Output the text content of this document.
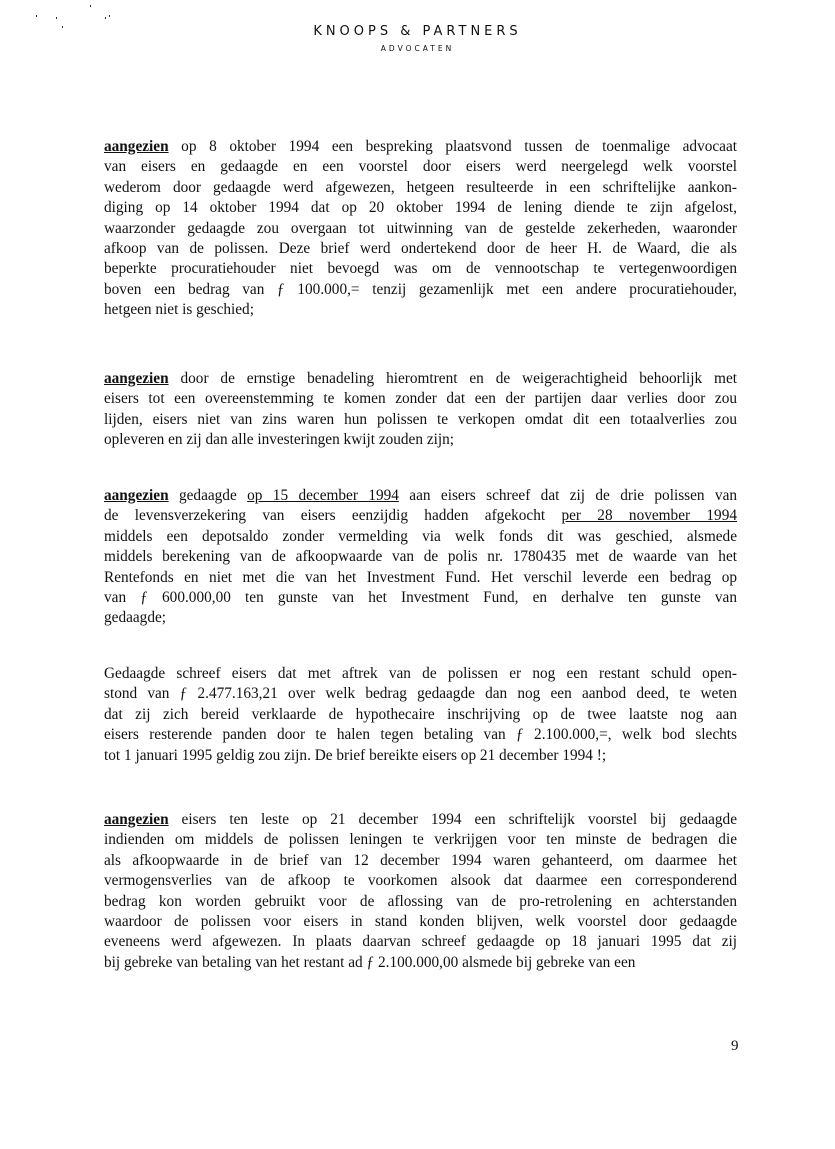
KNOOPS & PARTNERS
ADVOCATEN
aangezien op 8 oktober 1994 een bespreking plaatsvond tussen de toenmalige advocaat
van eisers en gedaagde en een voorstel door eisers werd neergelegd welk voorstel
wederom door gedaagde werd afgewezen, hetgeen resulteerde in een schriftelijke aankon-
diging op 14 oktober 1994 dat op 20 oktober 1994 de lening diende te zijn afgelost,
waarzonder gedaagde zou overgaan tot uitwinning van de gestelde zekerheden, waaronder
afkoop van de polissen. Deze brief werd ondertekend door de heer H. de Waard, die als
beperkte procuratiehouder niet bevoegd was om de vennootschap te vertegenwoordigen
boven een bedrag van ƒ 100.000,= tenzij gezamenlijk met een andere procuratiehouder,
hetgeen niet is geschied;
aangezien door de ernstige benadeling hieromtrent en de weigerachtigheid behoorlijk met
eisers tot een overeenstemming te komen zonder dat een der partijen daar verlies door zou
lijden, eisers niet van zins waren hun polissen te verkopen omdat dit een totaalverlies zou
opleveren en zij dan alle investeringen kwijt zouden zijn;
aangezien gedaagde op 15 december 1994 aan eisers schreef dat zij de drie polissen van
de levensverzekering van eisers eenzijdig hadden afgekocht per 28 november 1994
middels een depotsaldo zonder vermelding via welk fonds dit was geschied, alsmede
middels berekening van de afkoopwaarde van de polis nr. 1780435 met de waarde van het
Rentefonds en niet met die van het Investment Fund. Het verschil leverde een bedrag op
van ƒ 600.000,00 ten gunste van het Investment Fund, en derhalve ten gunste van
gedaagde;
Gedaagde schreef eisers dat met aftrek van de polissen er nog een restant schuld open-
stond van ƒ 2.477.163,21 over welk bedrag gedaagde dan nog een aanbod deed, te weten
dat zij zich bereid verklaarde de hypothecaire inschrijving op de twee laatste nog aan
eisers resterende panden door te halen tegen betaling van ƒ 2.100.000,=, welk bod slechts
tot 1 januari 1995 geldig zou zijn. De brief bereikte eisers op 21 december 1994 !;
aangezien eisers ten leste op 21 december 1994 een schriftelijk voorstel bij gedaagde
indienden om middels de polissen leningen te verkrijgen voor ten minste de bedragen die
als afkoopwaarde in de brief van 12 december 1994 waren gehanteerd, om daarmee het
vermogensverlies van de afkoop te voorkomen alsook dat daarmee een corresponderend
bedrag kon worden gebruikt voor de aflossing van de pro-retrolening en achterstanden
waardoor de polissen voor eisers in stand konden blijven, welk voorstel door gedaagde
eveneens werd afgewezen. In plaats daarvan schreef gedaagde op 18 januari 1995 dat zij
bij gebreke van betaling van het restant ad ƒ 2.100.000,00 alsmede bij gebreke van een
9
